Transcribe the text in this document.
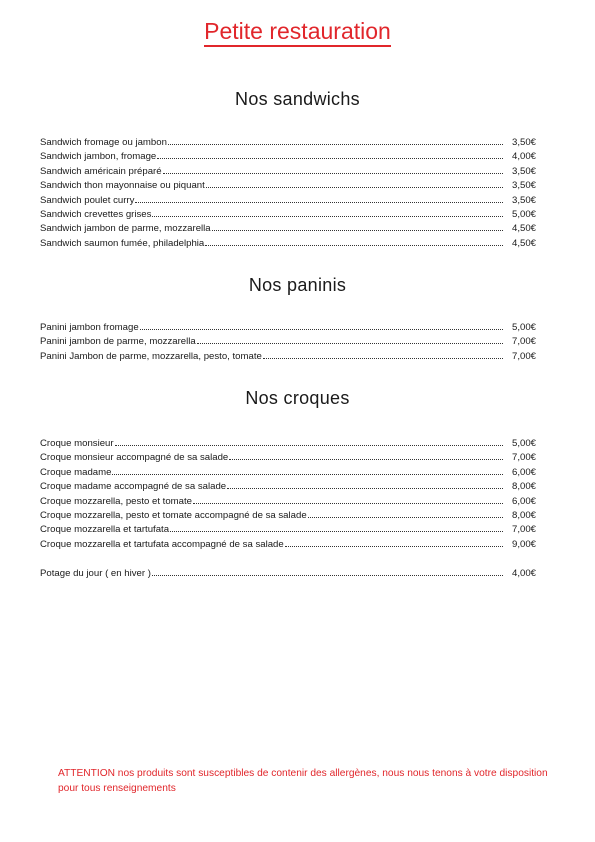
Petite restauration
Nos sandwichs
Sandwich fromage ou jambon	3,50€
Sandwich jambon, fromage	4,00€
Sandwich américain préparé	3,50€
Sandwich thon mayonnaise ou piquant	3,50€
Sandwich poulet curry	3,50€
Sandwich crevettes grises	5,00€
Sandwich jambon de parme, mozzarella	4,50€
Sandwich saumon fumée, philadelphia	4,50€
Nos paninis
Panini jambon fromage	5,00€
Panini jambon de parme, mozzarella	7,00€
Panini Jambon de parme, mozzarella, pesto, tomate	7,00€
Nos croques
Croque monsieur	5,00€
Croque monsieur accompagné de sa salade	7,00€
Croque madame	6,00€
Croque madame accompagné de sa salade	8,00€
Croque mozzarella, pesto et tomate	6,00€
Croque mozzarella, pesto et tomate accompagné de sa salade	8,00€
Croque mozzarella et tartufata	7,00€
Croque mozzarella et tartufata accompagné de sa salade	9,00€
Potage du jour ( en hiver )	4,00€
ATTENTION nos produits sont susceptibles de contenir des allergènes, nous nous tenons à votre disposition pour tous renseignements
